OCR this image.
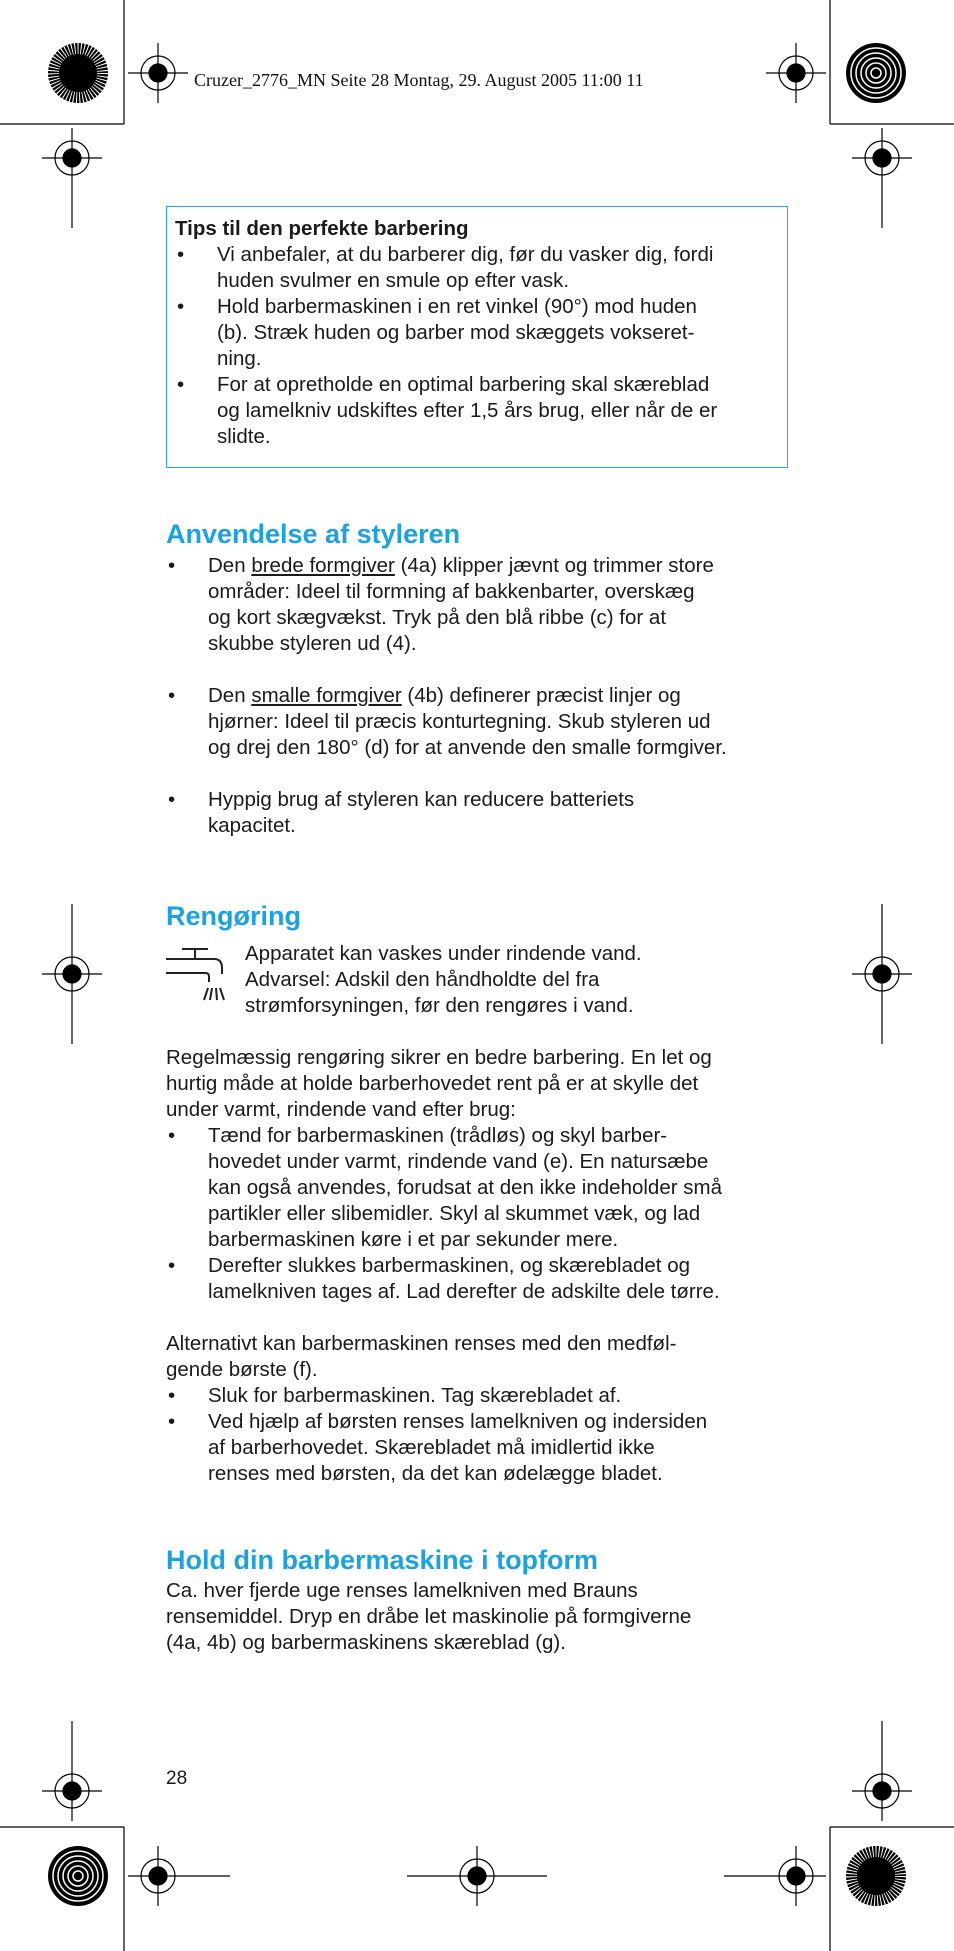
Cruzer_2776_MN Seite 28 Montag, 29. August 2005 11:00 11
Tips til den perfekte barbering
• Vi anbefaler, at du barberer dig, før du vasker dig, fordi
huden svulmer en smule op efter vask.
• Hold barbermaskinen i en ret vinkel (90°) mod huden
(b). Stræk huden og barber mod skæggets vokseret-
ning.
• For at opretholde en optimal barbering skal skæreblad
og lamelkniv udskiftes efter 1,5 års brug, eller når de er
slidte.
Anvendelse af styleren
• Den brede formgiver (4a) klipper jævnt og trimmer store
områder: Ideel til formning af bakkenbarter, overskæg
og kort skægvækst. Tryk på den blå ribbe (c) for at
skubbe styleren ud (4).
• Den smalle formgiver (4b) definerer præcist linjer og
hjørner: Ideel til præcis konturtegning. Skub styleren ud
og drej den 180° (d) for at anvende den smalle formgiver.
• Hyppig brug af styleren kan reducere batteriets
kapacitet.
Rengøring
Apparatet kan vaskes under rindende vand.
Advarsel: Adskil den håndholdte del fra
strømforsyningen, før den rengøres i vand.
Regelmæssig rengøring sikrer en bedre barbering. En let og
hurtig måde at holde barberhovedet rent på er at skylle det
under varmt, rindende vand efter brug:
• Tænd for barbermaskinen (trådløs) og skyl barber-
hovedet under varmt, rindende vand (e). En natursæbe
kan også anvendes, forudsat at den ikke indeholder små
partikler eller slibemidler. Skyl al skummet væk, og lad
barbermaskinen køre i et par sekunder mere.
• Derefter slukkes barbermaskinen, og skærebladet og
lamelkniven tages af. Lad derefter de adskilte dele tørre.
Alternativt kan barbermaskinen renses med den medføl-
gende børste (f).
• Sluk for barbermaskinen. Tag skærebladet af.
• Ved hjælp af børsten renses lamelkniven og indersiden
af barberhovedet. Skærebladet må imidlertid ikke
renses med børsten, da det kan ødelægge bladet.
Hold din barbermaskine i topform
Ca. hver fjerde uge renses lamelkniven med Brauns
rensemiddel. Dryp en dråbe let maskinolie på formgiverne
(4a, 4b) og barbermaskinens skæreblad (g).
28
